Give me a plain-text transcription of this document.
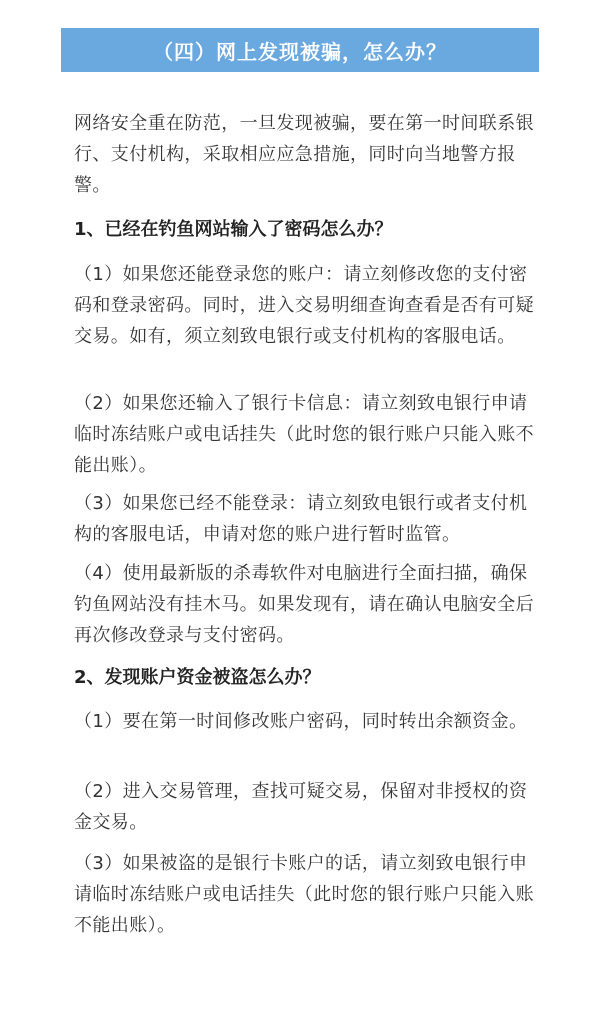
（四）网上发现被骗，怎么办？

网络安全重在防范，一旦发现被骗，要在第一时间联系银行、支付机构，采取相应应急措施，同时向当地警方报警。

1、已经在钓鱼网站输入了密码怎么办？

（1）如果您还能登录您的账户：请立刻修改您的支付密码和登录密码。同时，进入交易明细查询查看是否有可疑交易。如有，须立刻致电银行或支付机构的客服电话。

（2）如果您还输入了银行卡信息：请立刻致电银行申请临时冻结账户或电话挂失（此时您的银行账户只能入账不能出账）。

（3）如果您已经不能登录：请立刻致电银行或者支付机构的客服电话，申请对您的账户进行暂时监管。

（4）使用最新版的杀毒软件对电脑进行全面扫描，确保钓鱼网站没有挂木马。如果发现有，请在确认电脑安全后再次修改登录与支付密码。

2、发现账户资金被盗怎么办？

（1）要在第一时间修改账户密码，同时转出余额资金。

（2）进入交易管理，查找可疑交易，保留对非授权的资金交易。

（3）如果被盗的是银行卡账户的话，请立刻致电银行申请临时冻结账户或电话挂失（此时您的银行账户只能入账不能出账）。
